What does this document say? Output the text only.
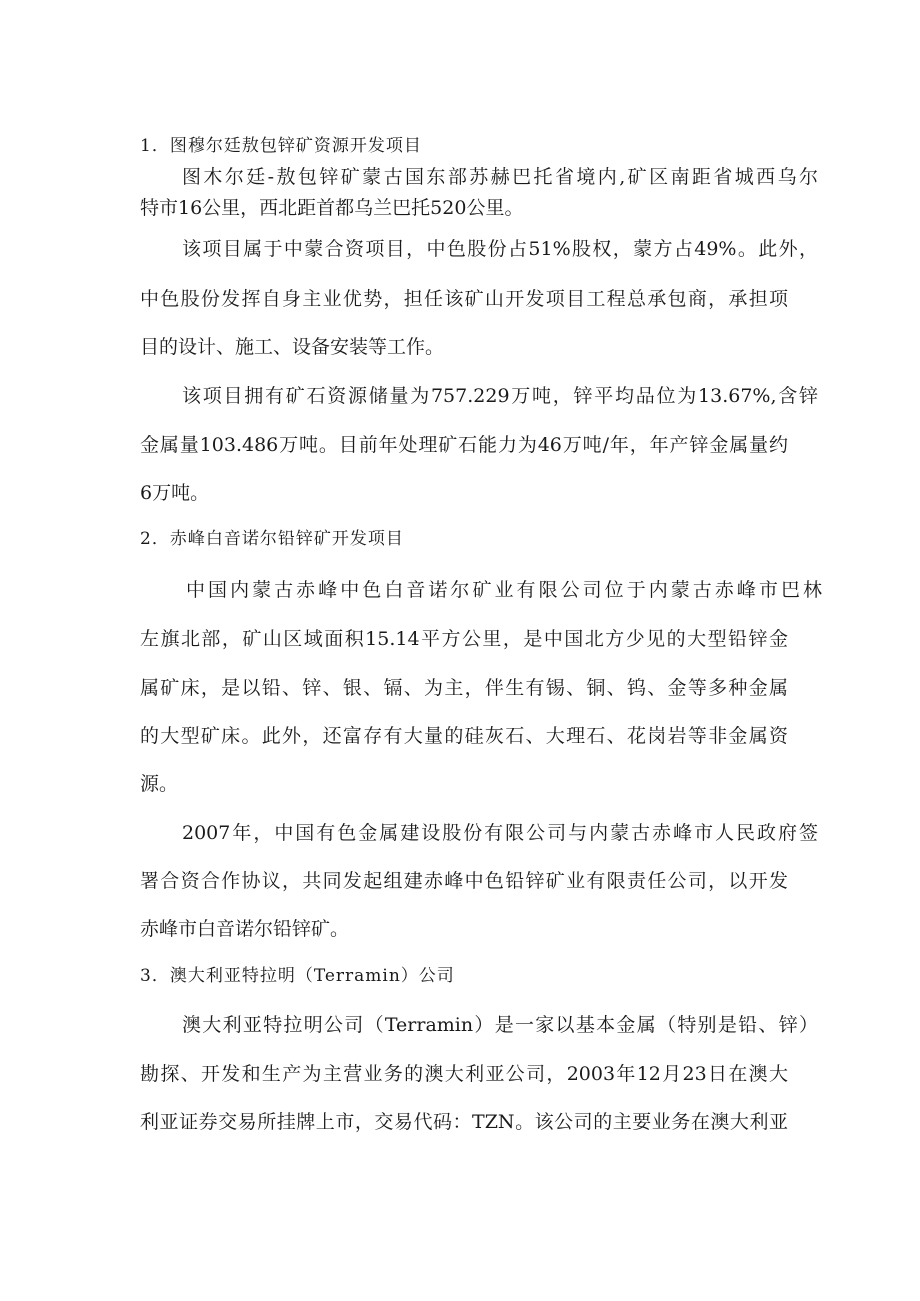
1．图穆尔廷敖包锌矿资源开发项目
图木尔廷-敖包锌矿蒙古国东部苏赫巴托省境内,矿区南距省城西乌尔
特市16公里，西北距首都乌兰巴托520公里。
该项目属于中蒙合资项目，中色股份占51%股权，蒙方占49%。此外，
中色股份发挥自身主业优势，担任该矿山开发项目工程总承包商，承担项
目的设计、施工、设备安装等工作。
该项目拥有矿石资源储量为757.229万吨，锌平均品位为13.67%,含锌
金属量103.486万吨。目前年处理矿石能力为46万吨/年，年产锌金属量约
6万吨。
2．赤峰白音诺尔铅锌矿开发项目
中国内蒙古赤峰中色白音诺尔矿业有限公司位于内蒙古赤峰市巴林
左旗北部，矿山区域面积15.14平方公里，是中国北方少见的大型铅锌金
属矿床，是以铅、锌、银、镉、为主，伴生有锡、铜、钨、金等多种金属
的大型矿床。此外，还富存有大量的硅灰石、大理石、花岗岩等非金属资
源。
2007年，中国有色金属建设股份有限公司与内蒙古赤峰市人民政府签
署合资合作协议，共同发起组建赤峰中色铅锌矿业有限责任公司，以开发
赤峰市白音诺尔铅锌矿。
3．澳大利亚特拉明（Terramin）公司
澳大利亚特拉明公司（Terramin）是一家以基本金属（特别是铅、锌）
勘探、开发和生产为主营业务的澳大利亚公司，2003年12月23日在澳大
利亚证券交易所挂牌上市，交易代码：TZN。该公司的主要业务在澳大利亚
